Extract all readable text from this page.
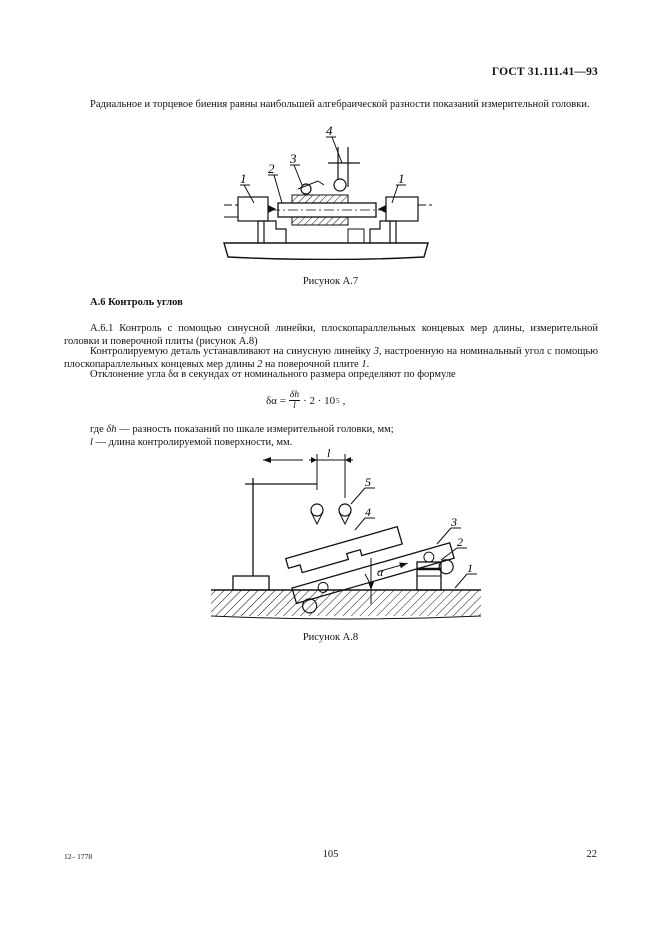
ГОСТ 31.111.41—93
Радиальное и торцевое биения равны наибольшей алгебраической разности показаний измерительной головки.
1
2
3
4
1
Рисунок А.7
А.6 Контроль углов
А.6.1 Контроль с помощью синусной линейки, плоскопараллельных концевых мер длины, измерительной головки и поверочной плиты (рисунок А.8)
Контролируемую деталь устанавливают на синусную линейку 3, настроенную на номинальный угол с помощью плоскопараллельных концевых мер длины 2 на поверочной плите 1.
Отклонение угла δα в секундах от номинального размера определяют по формуле
$\delta\alpha = \frac{\delta h}{l} \cdot 2 \cdot 10$ 5 ,
где δh — разность показаний по шкале измерительной головки, мм;
l — длина контролируемой поверхности, мм.
l
5
α
4
3
2
1
Рисунок А.8
12– 1778	105	22
